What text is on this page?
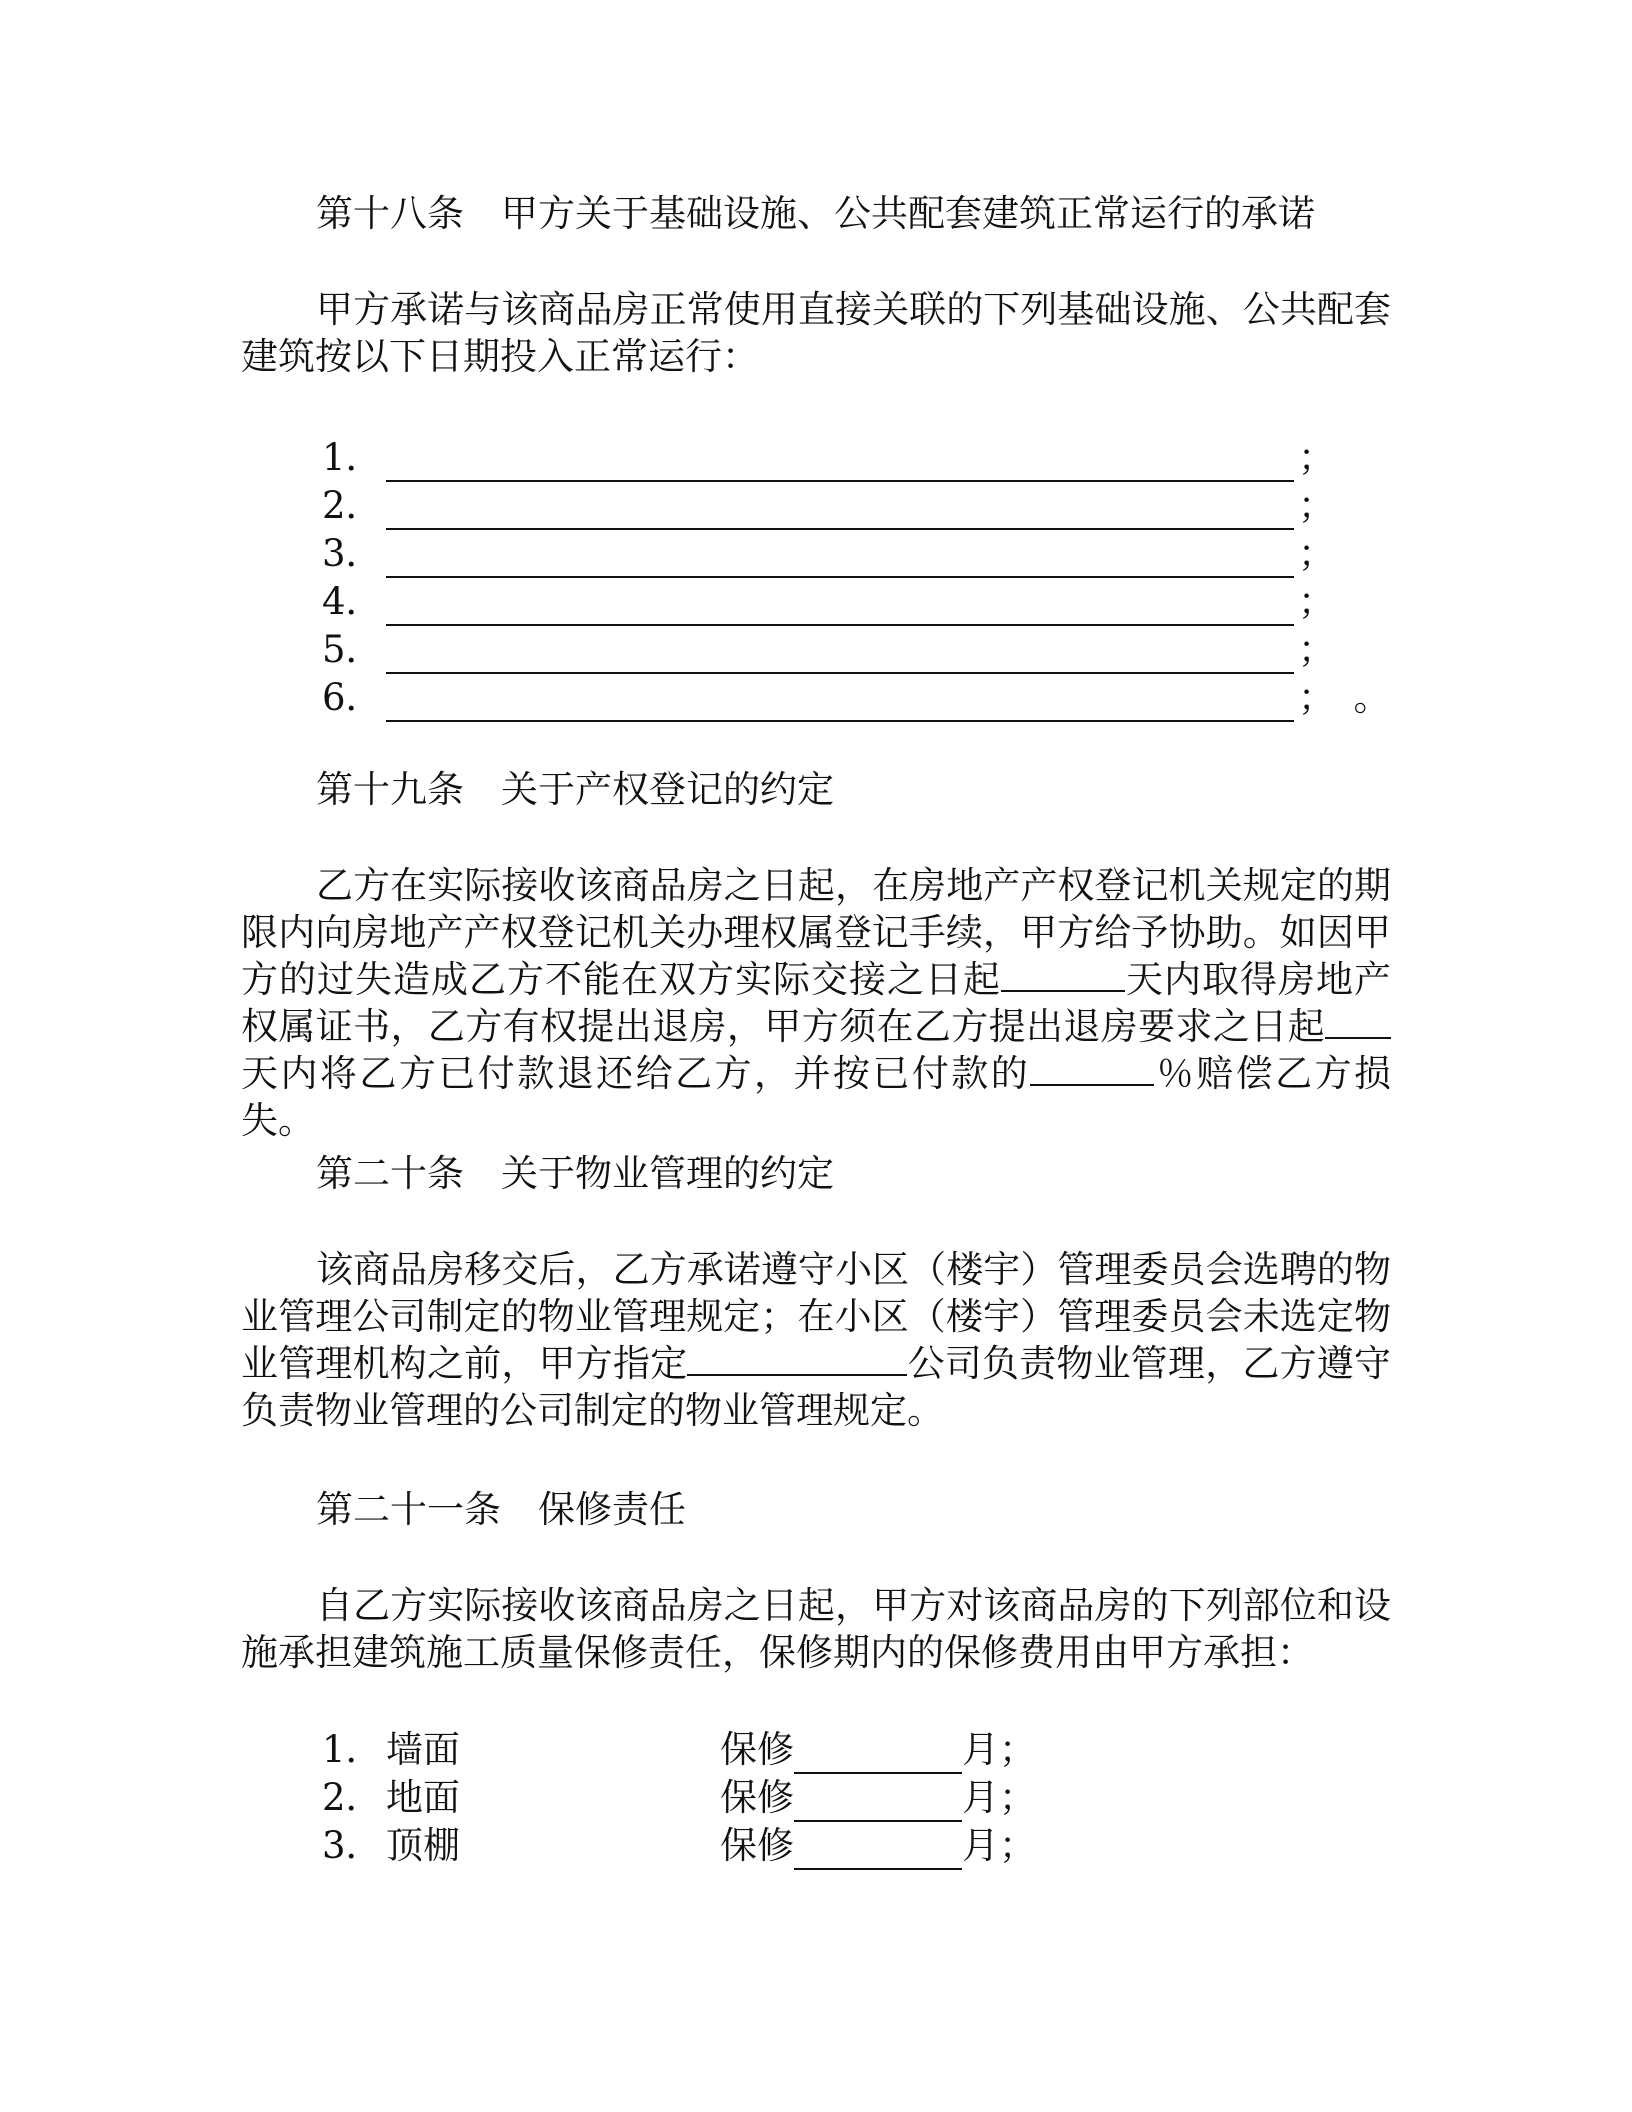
第十八条　甲方关于基础设施、公共配套建筑正常运行的承诺
甲方承诺与该商品房正常使用直接关联的下列基础设施、公共配套建筑按以下日期投入正常运行：
1．	；
2．	；
3．	；
4．	；
5．	；
6．	；　。
第十九条　关于产权登记的约定
乙方在实际接收该商品房之日起，在房地产产权登记机关规定的期限内向房地产产权登记机关办理权属登记手续，甲方给予协助。如因甲方的过失造成乙方不能在双方实际交接之日起	天内取得房地产权属证书，乙方有权提出退房，甲方须在乙方提出退房要求之日起天内将乙方已付款退还给乙方，并按已付款的	％赔偿乙方损失。
第二十条　关于物业管理的约定
该商品房移交后，乙方承诺遵守小区（楼宇）管理委员会选聘的物业管理公司制定的物业管理规定；在小区（楼宇）管理委员会未选定物业管理机构之前，甲方指定	公司负责物业管理，乙方遵守负责物业管理的公司制定的物业管理规定。
第二十一条　保修责任
自乙方实际接收该商品房之日起，甲方对该商品房的下列部位和设施承担建筑施工质量保修责任，保修期内的保修费用由甲方承担：
1． 墙面	保修	月；
2． 地面	保修	月；
3． 顶棚	保修	月；
